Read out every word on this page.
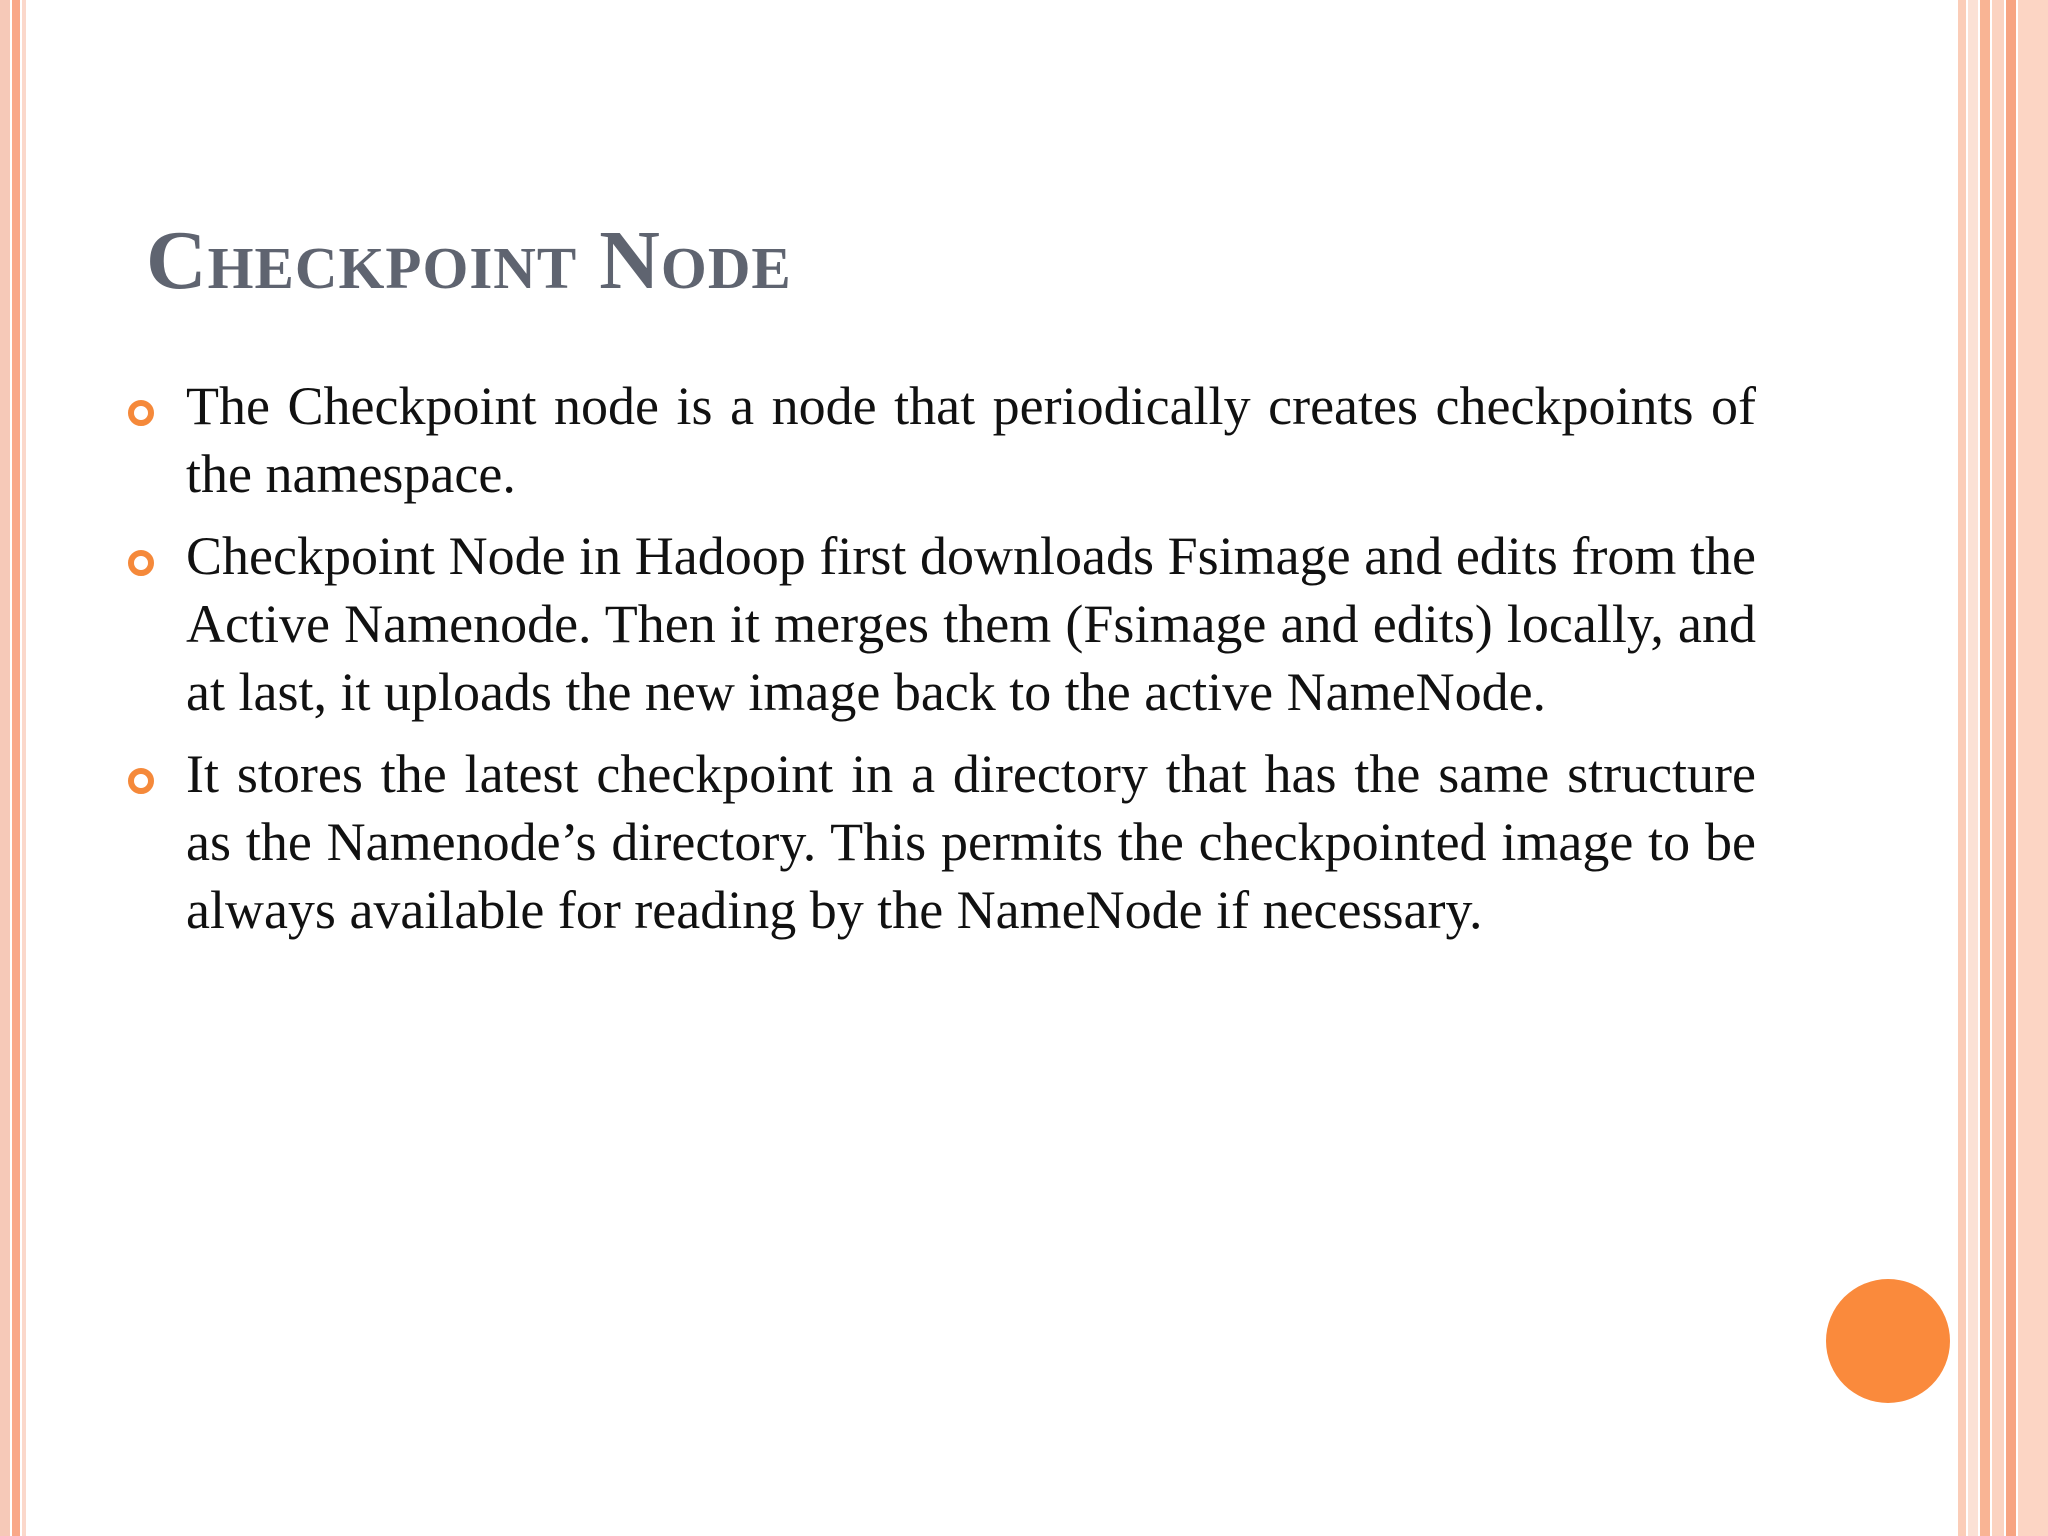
Checkpoint Node
The Checkpoint node is a node that periodically creates checkpoints of the namespace.
Checkpoint Node in Hadoop first downloads Fsimage and edits from the Active Namenode. Then it merges them (Fsimage and edits) locally, and at last, it uploads the new image back to the active NameNode.
It stores the latest checkpoint in a directory that has the same structure as the Namenode’s directory. This permits the checkpointed image to be always available for reading by the NameNode if necessary.
